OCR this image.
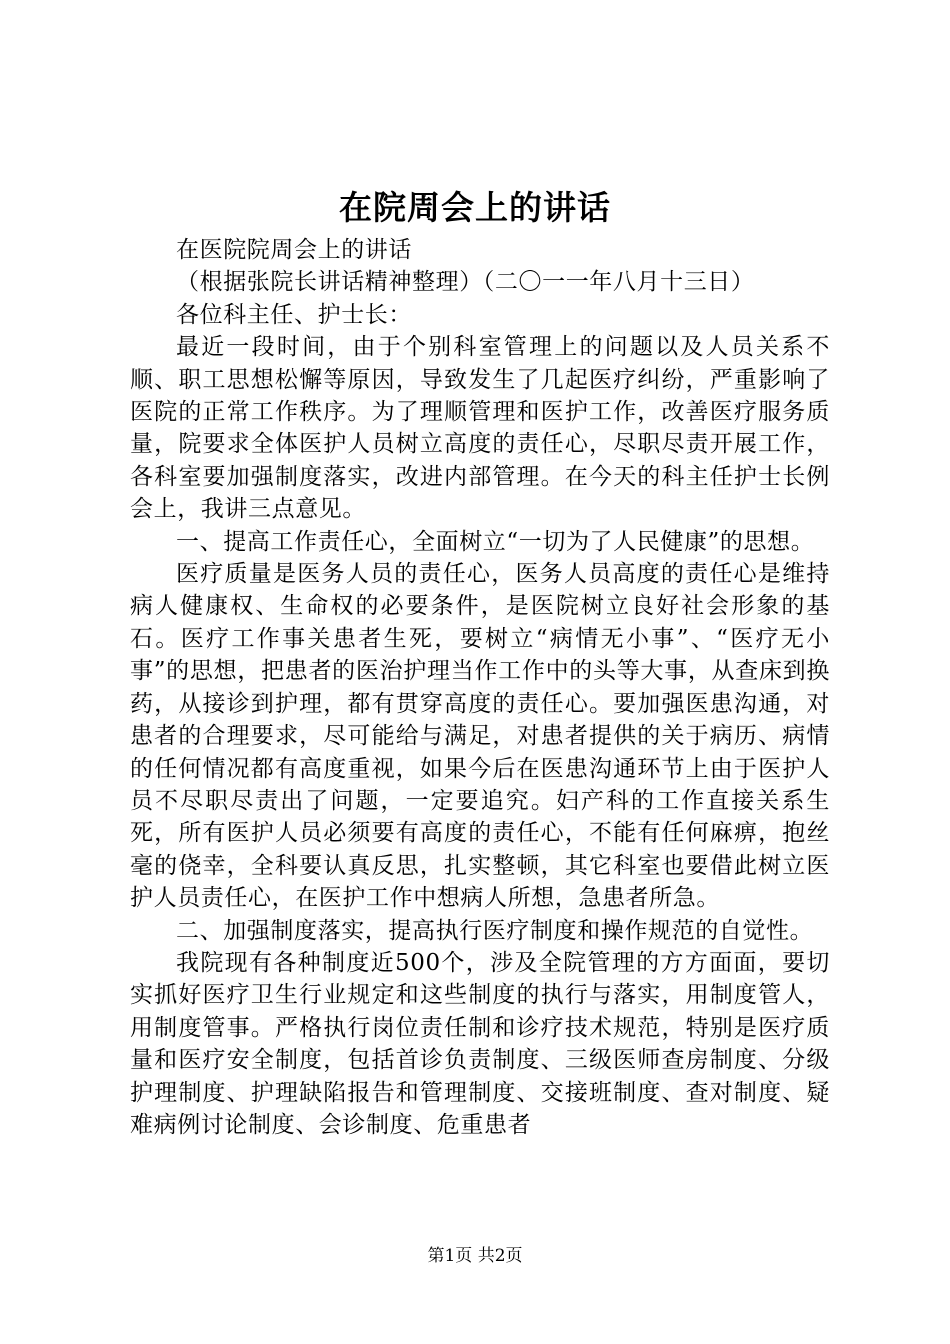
在院周会上的讲话

在医院院周会上的讲话

（根据张院长讲话精神整理）（二〇一一年八月十三日）

各位科主任、护士长：

最近一段时间，由于个别科室管理上的问题以及人员关系不顺、职工思想松懈等原因，导致发生了几起医疗纠纷，严重影响了医院的正常工作秩序。为了理顺管理和医护工作，改善医疗服务质量，院要求全体医护人员树立高度的责任心，尽职尽责开展工作，各科室要加强制度落实，改进内部管理。在今天的科主任护士长例会上，我讲三点意见。

一、提高工作责任心，全面树立“一切为了人民健康”的思想。

医疗质量是医务人员的责任心，医务人员高度的责任心是维持病人健康权、生命权的必要条件，是医院树立良好社会形象的基石。医疗工作事关患者生死，要树立“病情无小事”、“医疗无小事”的思想，把患者的医治护理当作工作中的头等大事，从查床到换药，从接诊到护理，都有贯穿高度的责任心。要加强医患沟通，对患者的合理要求，尽可能给与满足，对患者提供的关于病历、病情的任何情况都有高度重视，如果今后在医患沟通环节上由于医护人员不尽职尽责出了问题，一定要追究。妇产科的工作直接关系生死，所有医护人员必须要有高度的责任心，不能有任何麻痹，抱丝毫的侥幸，全科要认真反思，扎实整顿，其它科室也要借此树立医护人员责任心，在医护工作中想病人所想，急患者所急。

二、加强制度落实，提高执行医疗制度和操作规范的自觉性。

我院现有各种制度近500个，涉及全院管理的方方面面，要切实抓好医疗卫生行业规定和这些制度的执行与落实，用制度管人，用制度管事。严格执行岗位责任制和诊疗技术规范，特别是医疗质量和医疗安全制度，包括首诊负责制度、三级医师查房制度、分级护理制度、护理缺陷报告和管理制度、交接班制度、查对制度、疑难病例讨论制度、会诊制度、危重患者

第1页 共2页
